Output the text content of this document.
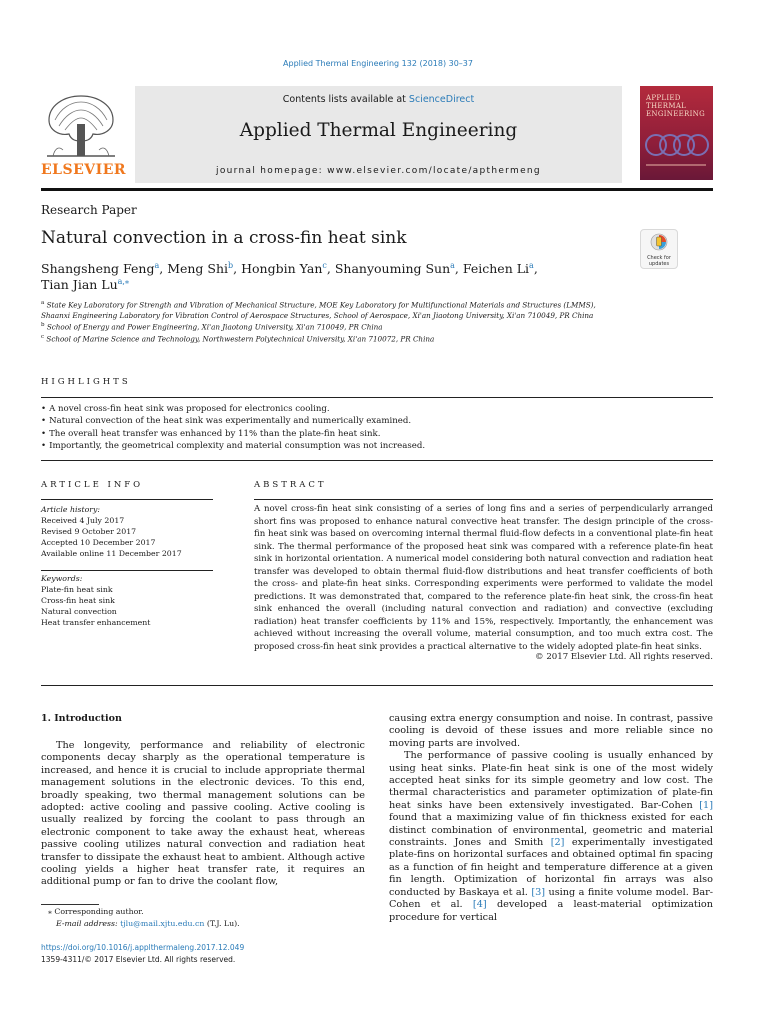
Applied Thermal Engineering 132 (2018) 30–37
ELSEVIER
Contents lists available at ScienceDirect
Applied Thermal Engineering
journal homepage: www.elsevier.com/locate/apthermeng
APPLIED THERMAL ENGINEERING
Research Paper
Natural convection in a cross-fin heat sink
Check for updates
Shangsheng Feng$^a$, Meng Shi$^b$, Hongbin Yan$^c$, Shanyouming Sun$^a$, Feichen Li$^a$,
Tian Jian $Lu^{a,⁎}$
$^a$ State Key Laboratory for Strength and Vibration of Mechanical Structure, MOE Key Laboratory for Multifunctional Materials and Structures (LMMS),
Shaanxi Engineering Laboratory for Vibration Control of Aerospace Structures, School of Aerospace, Xi'an Jiaotong University, Xi'an 710049, PR China
$^b$ School of Energy and Power Engineering, Xi'an Jiaotong University, Xi'an 710049, PR China
$^c$ School of Marine Science and Technology, Northwestern Polytechnical University, Xi'an 710072, PR China
HIGHLIGHTS
• A novel cross-fin heat sink was proposed for electronics cooling.
• Natural convection of the heat sink was experimentally and numerically examined.
• The overall heat transfer was enhanced by 11% than the plate-fin heat sink.
• Importantly, the geometrical complexity and material consumption was not increased.
ARTICLE INFO	ABSTRACT
Article history:
Received 4 July 2017
Revised 9 October 2017
Accepted 10 December 2017
Available online 11 December 2017
Keywords:
Plate-fin heat sink
Cross-fin heat sink
Natural convection
Heat transfer enhancement
A novel cross-fin heat sink consisting of a series of long fins and a series of perpendicularly arranged short fins was proposed to enhance natural convective heat transfer. The design principle of the cross-fin heat sink was based on overcoming internal thermal fluid-flow defects in a conventional plate-fin heat sink. The thermal performance of the proposed heat sink was compared with a reference plate-fin heat sink in horizontal orientation. A numerical model considering both natural convection and radiation heat transfer was developed to obtain thermal fluid-flow distributions and heat transfer coefficients of both the cross- and plate-fin heat sinks. Corresponding experiments were performed to validate the model predictions. It was demonstrated that, compared to the reference plate-fin heat sink, the cross-fin heat sink enhanced the overall (including natural convection and radiation) and convective (excluding radiation) heat transfer coefficients by 11% and 15%, respectively. Importantly, the enhancement was achieved without increasing the overall volume, material consumption, and too much extra cost. The proposed cross-fin heat sink provides a practical alternative to the widely adopted plate-fin heat sinks.
© 2017 Elsevier Ltd. All rights reserved.
1. Introduction

The longevity, performance and reliability of electronic components decay sharply as the operational temperature is increased, and hence it is crucial to include appropriate thermal management solutions in the electronic devices. To this end, broadly speaking, two thermal management solutions can be adopted: active cooling and passive cooling. Active cooling is usually realized by forcing the coolant to pass through an electronic component to take away the exhaust heat, whereas passive cooling utilizes natural convection and radiation heat transfer to dissipate the exhaust heat to ambient. Although active cooling yields a higher heat transfer rate, it requires an additional pump or fan to drive the coolant flow,

causing extra energy consumption and noise. In contrast, passive cooling is devoid of these issues and more reliable since no moving parts are involved.

The performance of passive cooling is usually enhanced by using heat sinks. Plate-fin heat sink is one of the most widely accepted heat sinks for its simple geometry and low cost. The thermal characteristics and parameter optimization of plate-fin heat sinks have been extensively investigated. Bar-Cohen [1] found that a maximizing value of fin thickness existed for each distinct combination of environmental, geometric and material constraints. Jones and Smith [2] experimentally investigated plate-fins on horizontal surfaces and obtained optimal fin spacing as a function of fin height and temperature difference at a given fin length. Optimization of horizontal fin arrays was also conducted by Baskaya et al. [3] using a finite volume model. Bar-Cohen et al. [4] developed a least-material optimization procedure for vertical

⁎ Corresponding author.
E-mail address: tjlu@mail.xjtu.edu.cn (T.J. Lu).
https://doi.org/10.1016/j.applthermaleng.2017.12.049
1359-4311/© 2017 Elsevier Ltd. All rights reserved.
